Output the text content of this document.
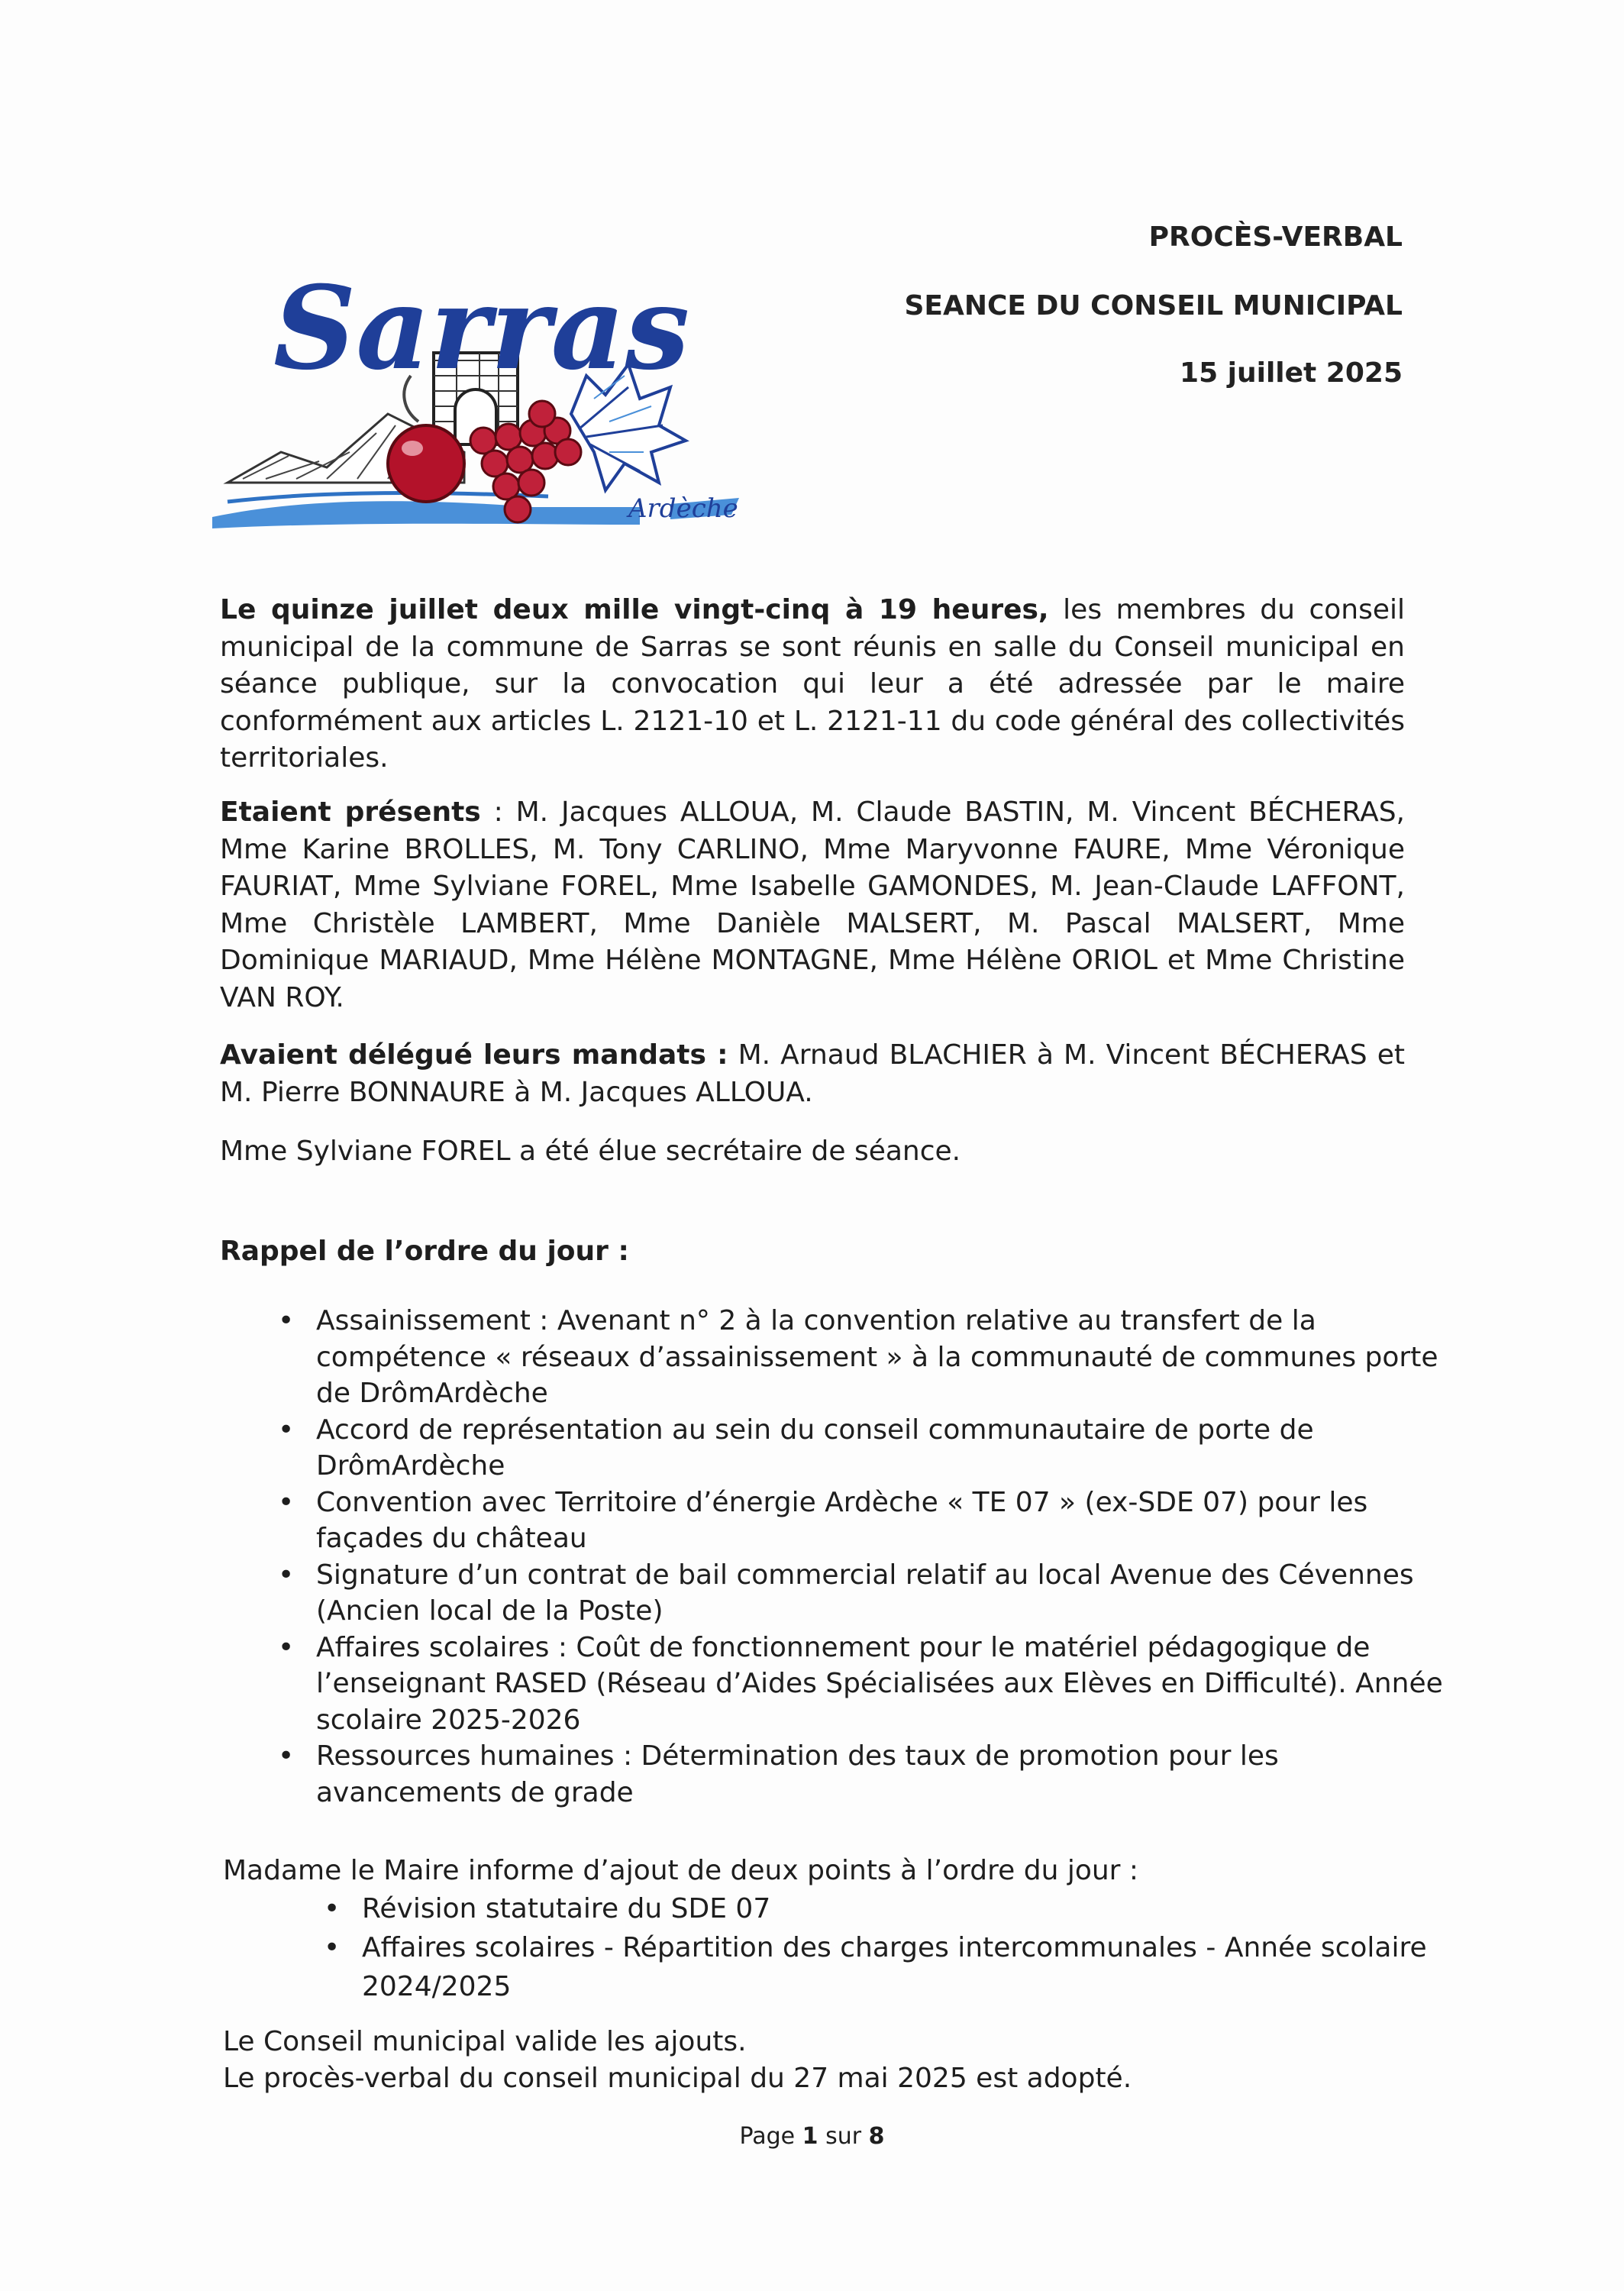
Sarras
Ardèche
PROCÈS-VERBAL
SEANCE DU CONSEIL MUNICIPAL
15 juillet 2025

Le quinze juillet deux mille vingt-cinq à 19 heures, les membres du conseil municipal de la commune de Sarras se sont réunis en salle du Conseil municipal en séance publique, sur la convocation qui leur a été adressée par le maire conformément aux articles L. 2121-10 et L. 2121-11 du code général des collectivités territoriales.

Etaient présents : M. Jacques ALLOUA, M. Claude BASTIN, M. Vincent BÉCHERAS, Mme Karine BROLLES, M. Tony CARLINO, Mme Maryvonne FAURE, Mme Véronique FAURIAT, Mme Sylviane FOREL, Mme Isabelle GAMONDES, M. Jean-Claude LAFFONT, Mme Christèle LAMBERT, Mme Danièle MALSERT, M. Pascal MALSERT, Mme Dominique MARIAUD, Mme Hélène MONTAGNE, Mme Hélène ORIOL et Mme Christine VAN ROY.

Avaient délégué leurs mandats : M. Arnaud BLACHIER à M. Vincent BÉCHERAS et M. Pierre BONNAURE à M. Jacques ALLOUA.

Mme Sylviane FOREL a été élue secrétaire de séance.
Rappel de l’ordre du jour :
• Assainissement : Avenant n° 2 à la convention relative au transfert de la compétence « réseaux d’assainissement » à la communauté de communes porte de DrômArdèche
• Accord de représentation au sein du conseil communautaire de porte de DrômArdèche
• Convention avec Territoire d’énergie Ardèche « TE 07 » (ex-SDE 07) pour les façades du château
• Signature d’un contrat de bail commercial relatif au local Avenue des Cévennes (Ancien local de la Poste)
• Affaires scolaires : Coût de fonctionnement pour le matériel pédagogique de l’enseignant RASED (Réseau d’Aides Spécialisées aux Elèves en Difficulté). Année scolaire 2025-2026
• Ressources humaines : Détermination des taux de promotion pour les avancements de grade
Madame le Maire informe d’ajout de deux points à l’ordre du jour :
• Révision statutaire du SDE 07
• Affaires scolaires - Répartition des charges intercommunales - Année scolaire 2024/2025
Le Conseil municipal valide les ajouts.
Le procès-verbal du conseil municipal du 27 mai 2025 est adopté.
Page 1 sur 8
